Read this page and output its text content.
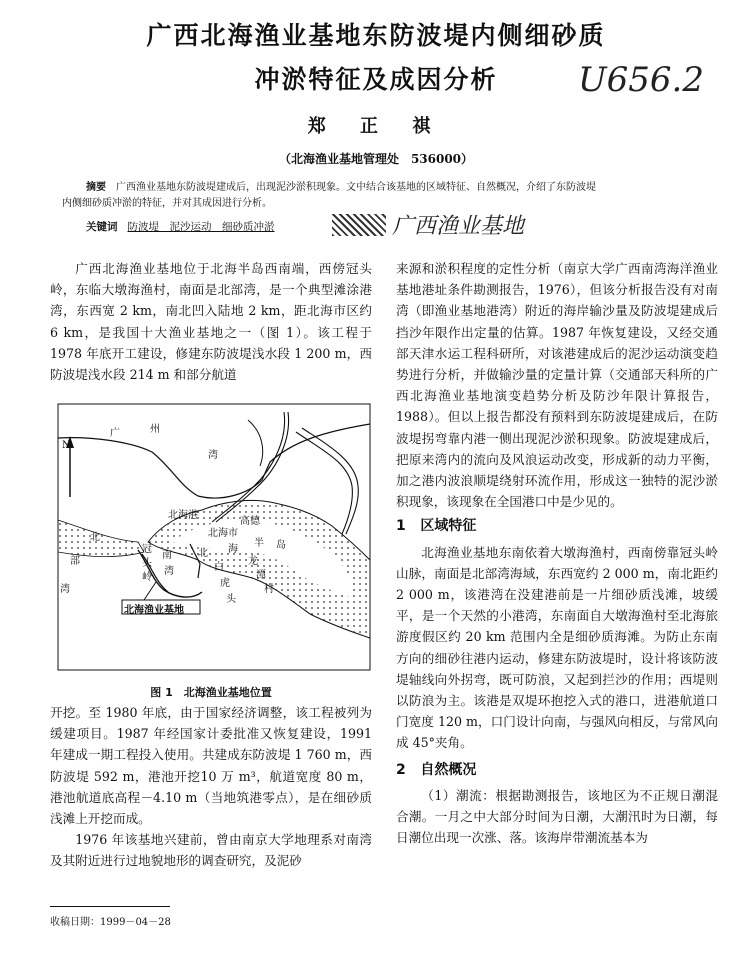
广西北海渔业基地东防波堤内侧细砂质
冲淤特征及成因分析	U656.2
郑 正 祺
（北海渔业基地管理处　536000）
摘要 广西渔业基地东防波堤建成后，出现泥沙淤积现象。文中结合该基地的区域特征、自然概况，介绍了东防波堤
内侧细砂质冲淤的特征，并对其成因进行分析。
关键词 防波堤　泥沙运动　细砂质冲淤	广西渔业基地

广西北海渔业基地位于北海半岛西南端，西傍冠头岭，东临大墩海渔村，南面是北部湾，是一个典型滩涂港湾，东西宽 2 km，南北凹入陆地 2 km，距北海市区约 6 km，是我国十大渔业基地之一（图 1）。该工程于 1978 年底开工建设，修建东防波堤浅水段 1 200 m，西防波堤浅水段 214 m 和部分航道

N
广	州
湾
北
部
湾
北海港
北海市
高德
北 海
半 岛
冠
头
岭
南
湾	白
虎
头
龙
潭
村
北海渔业基地
图 1　北海渔业基地位置

开挖。至 1980 年底，由于国家经济调整，该工程被列为缓建项目。1987 年经国家计委批准又恢复建设，1991 年建成一期工程投入使用。共建成东防波堤 1 760 m，西防波堤 592 m，港池开挖10 万 m³，航道宽度 80 m，港池航道底高程－4.10 m（当地筑港零点），是在细砂质浅滩上开挖而成。

1976 年该基地兴建前，曾由南京大学地理系对南湾及其附近进行过地貌地形的调查研究，及泥砂

收稿日期：1999－04－28

来源和淤积程度的定性分析（南京大学广西南湾海洋渔业基地港址条件勘测报告，1976），但该分析报告没有对南湾（即渔业基地港湾）附近的海岸输沙量及防波堤建成后挡沙年限作出定量的估算。1987 年恢复建设，又经交通部天津水运工程科研所，对该港建成后的泥沙运动演变趋势进行分析，并做输沙量的定量计算（交通部天科所的广西北海渔业基地演变趋势分析及防沙年限计算报告，1988）。但以上报告都没有预料到东防波堤建成后，在防波堤拐弯靠内港一侧出现泥沙淤积现象。防波堤建成后，把原来湾内的流向及风浪运动改变，形成新的动力平衡，加之港内波浪顺堤绕射环流作用，形成这一独特的泥沙淤积现象，该现象在全国港口中是少见的。

1 区域特征

北海渔业基地东南依着大墩海渔村，西南傍靠冠头岭山脉，南面是北部湾海域，东西宽约 2 000 m，南北距约 2 000 m，该港湾在没建港前是一片细砂质浅滩，坡缓平，是一个天然的小港湾，东南面自大墩海渔村至北海旅游度假区约 20 km 范围内全是细砂质海滩。为防止东南方向的细砂往港内运动，修建东防波堤时，设计将该防波堤轴线向外拐弯，既可防浪，又起到拦沙的作用；西堤则以防浪为主。该港是双堤环抱挖入式的港口，进港航道口门宽度 120 m，口门设计向南，与强风向相反，与常风向成 45°夹角。

2 自然概况

（1）潮流：根据勘测报告，该地区为不正规日潮混合潮。一月之中大部分时间为日潮，大潮汛时为日潮，每日潮位出现一次涨、落。该海岸带潮流基本为
